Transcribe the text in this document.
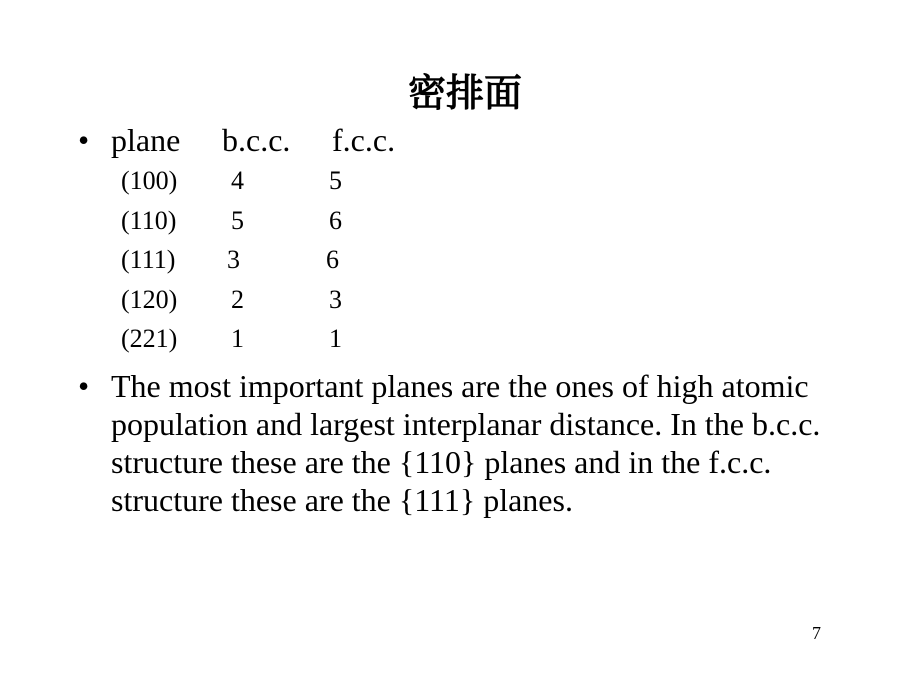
密排面
• plane b.c.c. f.c.c.
(100) 4	5
(110) 5	6
(111) 3	6
(120) 2	3
(221) 1	1
• The most important planes are the ones of high atomic population and largest interplanar distance. In the b.c.c. structure these are the {110} planes and in the f.c.c. structure these are the {111} planes.

7
